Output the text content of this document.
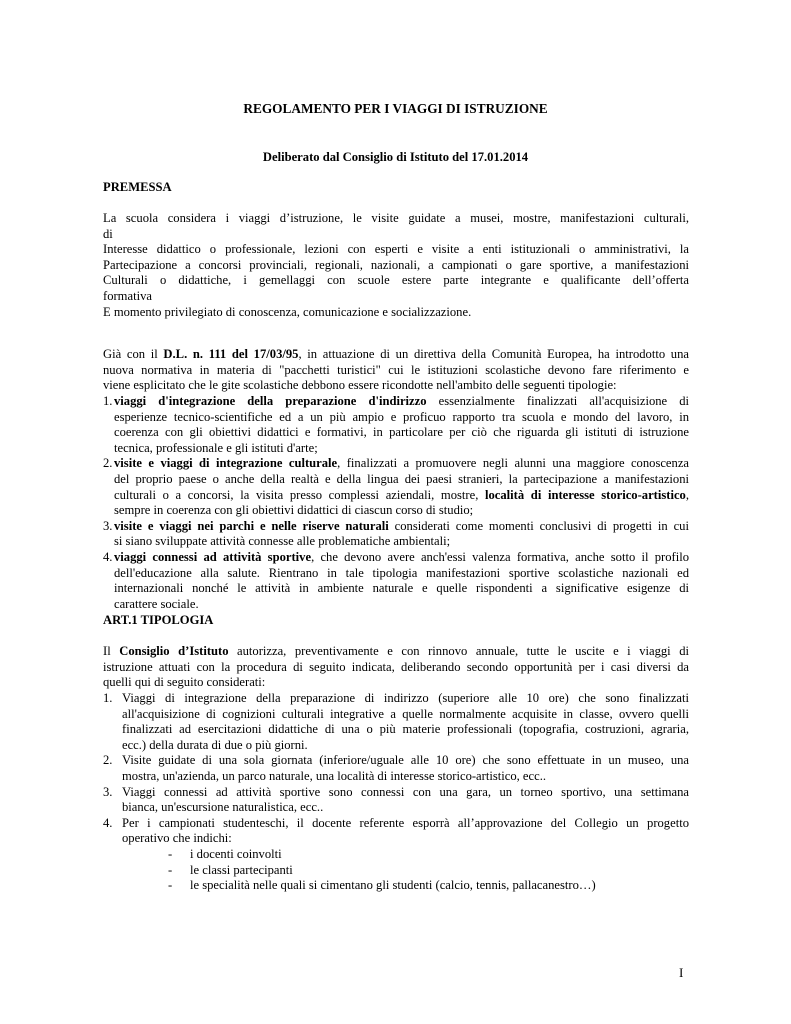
REGOLAMENTO PER I VIAGGI DI ISTRUZIONE
Deliberato dal Consiglio di Istituto del 17.01.2014
PREMESSA
La scuola considera i viaggi d’istruzione, le visite guidate a musei, mostre, manifestazioni culturali,
di
Interesse didattico o professionale, lezioni con esperti e visite a enti istituzionali o amministrativi, la
Partecipazione a concorsi provinciali, regionali, nazionali, a campionati o gare sportive, a manifestazioni
Culturali o didattiche, i gemellaggi con scuole estere parte integrante e qualificante dell’offerta
formativa
E momento privilegiato di conoscenza, comunicazione e socializzazione.
Già con il D.L. n. 111 del 17/03/95, in attuazione di un direttiva della Comunità Europea, ha introdotto una
nuova normativa in materia di "pacchetti turistici" cui le istituzioni scolastiche devono fare riferimento e
viene esplicitato che le gite scolastiche debbono essere ricondotte nell'ambito delle seguenti tipologie:
1. viaggi d'integrazione della preparazione d'indirizzo essenzialmente finalizzati all'acquisizione di
esperienze tecnico-scientifiche ed a un più ampio e proficuo rapporto tra scuola e mondo del lavoro, in
coerenza con gli obiettivi didattici e formativi, in particolare per ciò che riguarda gli istituti di istruzione
tecnica, professionale e gli istituti d'arte;
2. visite e viaggi di integrazione culturale, finalizzati a promuovere negli alunni una maggiore conoscenza
del proprio paese o anche della realtà e della lingua dei paesi stranieri, la partecipazione a manifestazioni
culturali o a concorsi, la visita presso complessi aziendali, mostre, località di interesse storico-artistico,
sempre in coerenza con gli obiettivi didattici di ciascun corso di studio;
3. visite e viaggi nei parchi e nelle riserve naturali considerati come momenti conclusivi di progetti in cui
si siano sviluppate attività connesse alle problematiche ambientali;
4. viaggi connessi ad attività sportive, che devono avere anch'essi valenza formativa, anche sotto il profilo
dell'educazione alla salute. Rientrano in tale tipologia manifestazioni sportive scolastiche nazionali ed
internazionali nonché le attività in ambiente naturale e quelle rispondenti a significative esigenze di
carattere sociale.
ART.1 TIPOLOGIA
Il Consiglio d’Istituto autorizza, preventivamente e con rinnovo annuale, tutte le uscite e i viaggi di
istruzione attuati con la procedura di seguito indicata, deliberando secondo opportunità per i casi diversi da
quelli qui di seguito considerati:
1. Viaggi di integrazione della preparazione di indirizzo (superiore alle 10 ore) che sono finalizzati
all'acquisizione di cognizioni culturali integrative a quelle normalmente acquisite in classe, ovvero quelli
finalizzati ad esercitazioni didattiche di una o più materie professionali (topografia, costruzioni, agraria,
ecc.) della durata di due o più giorni.
2. Visite guidate di una sola giornata (inferiore/uguale alle 10 ore) che sono effettuate in un museo, una
mostra, un'azienda, un parco naturale, una località di interesse storico-artistico, ecc..
3. Viaggi connessi ad attività sportive sono connessi con una gara, un torneo sportivo, una settimana
bianca, un'escursione naturalistica, ecc..
4. Per i campionati studenteschi, il docente referente esporrà all’approvazione del Collegio un progetto
operativo che indichi:
- i docenti coinvolti
- le classi partecipanti
- le specialità nelle quali si cimentano gli studenti (calcio, tennis, pallacanestro…)
I
